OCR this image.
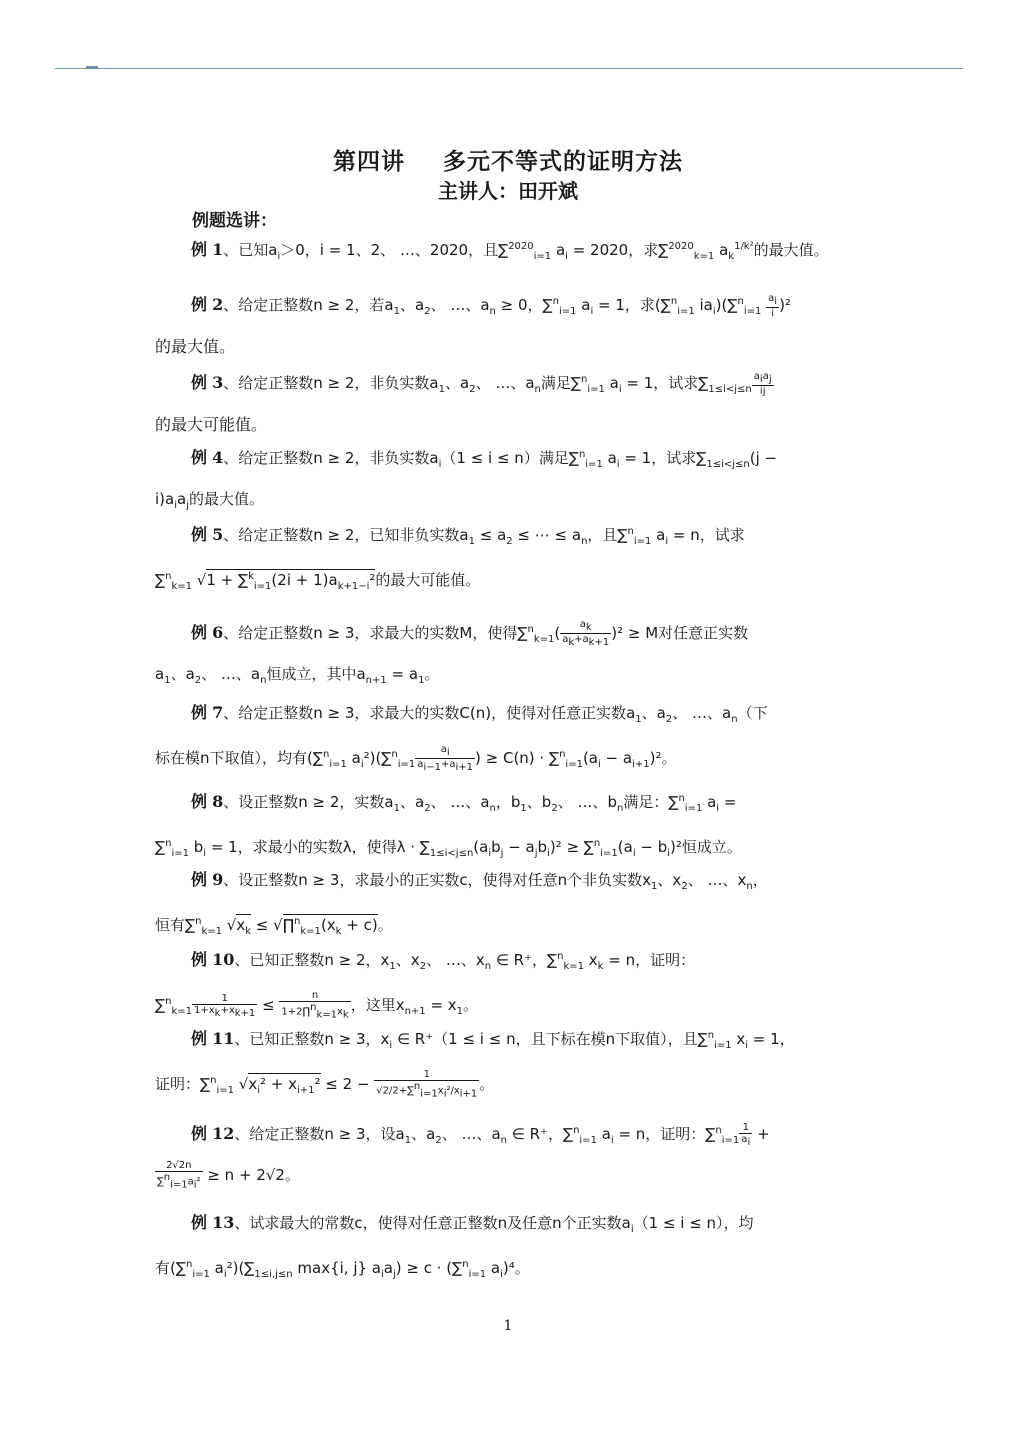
第四讲 多元不等式的证明方法
主讲人：田开斌
例题选讲：
例 1、已知$a_i>0$，i = 1、2、 …、2020，且∑$^{2020}_{i=1}$ $a_i = 2020$，求∑$^{2020}_{k=1}$ $a_k^{1/k^2}$的最大值。
例 2、给定正整数n ≥ 2，若$a_1$、$a_2$、 …、$a_n \ge 0$，∑$^n_{i=1}$ $a_i = 1$，求(∑$^n_{i=1}$ $ia_i)(\sum^n_{i=1} \frac{a_i}{i} )^2$
的最大值。
例 3、给定正整数n ≥ 2，非负实数$a_1$、$a_2$、 …、$a_n$满足∑$^n_{i=1}$ $a_i = 1$，试求$\sum_{1\le i<j\le n} \frac{a_ia_j}{ij}$
的最大可能值。
例 4、给定正整数n ≥ 2，非负实数$a_i(1 \le i \le n)$满足∑$^n_{i=1}$ $a_i = 1$，试求$\sum_{1\le i<j\le n}(j$ −
$i)a_ia_j$的最大值。
例 5、给定正整数n ≥ 2，已知非负实数$a_1 \le a_2$ ≤ ⋯ ≤ $a_n$，且∑$^n_{i=1}$ $a_i = n$，试求
∑$^n_{k=1}$ $√1 + \sum^k_{i=1}(2i + 1)a_{k+1-i}^2$的最大可能值。
例 6、给定正整数n ≥ 3，求最大的实数M，使得$\sum^n_{k=1}( \frac{a_k}{a_k+a_{k+1}} )^2 \ge M$对任意正实数
$a_1$、$a_2$、 …、$a_n$恒成立，其中$a_{n+1} = a_1$。
例 7、给定正整数n ≥ 3，求最大的实数C(n)，使得对任意正实数$a_1$、$a_2$、 …、$a_n$（下
标在模n下取值），均有(∑$^n_{i=1}$ $a_i^2)(\sum^n_{i=1} \frac{a_i}{a_{i-1}+a_{i+1}}$ ) ≥ $C(n) \cdot \sum^n_{i=1}(a_i - a_{i+1})^2$。
例 8、设正整数n ≥ 2，实数$a_1$、$a_2$、 …、$a_n$，$b_1$、$b_2$、 …、$b_n$满足：∑$^n_{i=1}$ $a_i$ =
∑$^n_{i=1}$ $b_i = 1$，求最小的实数λ，使得$\lambda \cdot \sum_{1\le i<j\le n}(a_ib_j - a_jb_i)^2 \ge \sum^n_{i=1}(a_i - b_i)^2$恒成立。
例 9、设正整数n ≥ 3，求最小的正实数c，使得对任意n个非负实数$x_1$、$x_2$、 …、$x_n$，
恒有∑$^n_{k=1}$ $√x_k$ ≤ $√\prod^n_{k=1}(x_k + c)$。
例 10、已知正整数n ≥ 2，$x_1$、$x_2$、 …、$x_n$ ∈ R⁺，∑$^n_{k=1}$ $x_k = n$，证明：
$\sum^n_{k=1} \frac{1}{1+x_k+x_{k+1}} \le \frac{n}{1+2\prod^n_{k=1}x_k}$ ，这里$x_{n+1} = x_1$。
例 11、已知正整数n ≥ 3，$x_i$ ∈ R⁺（1 ≤ i ≤ n，且下标在模n下取值），且∑$^n_{i=1}$ $x_i = 1$，
证明：∑$^n_{i=1}$ $√x_i^2 + x_{i+1}^2 \le 2 - \frac{1}{√2/2+\sum^n_{i=1}x_i^2/x_{i+1}}$ 。
例 12、给定正整数n ≥ 3，设$a_1$、$a_2$、 …、$a_n$ ∈ R⁺，∑$^n_{i=1}$ $a_i = n$，证明：$\sum^n_{i=1} \frac{1}{a_i}$ +
$\frac{2√2n}{\sum^n_{i=1}a_i^2} \ge n + 2√2$。
例 13、试求最大的常数c，使得对任意正整数n及任意n个正实数$a_i(1 \le i \le n)$，均
有(∑$^n_{i=1}$ $a_i^2)(\sum_{1\le i,j\le n}$ max{i, j} $a_ia_j) \ge c \cdot (\sum^n_{i=1}$ $a_i)^4$。
1
